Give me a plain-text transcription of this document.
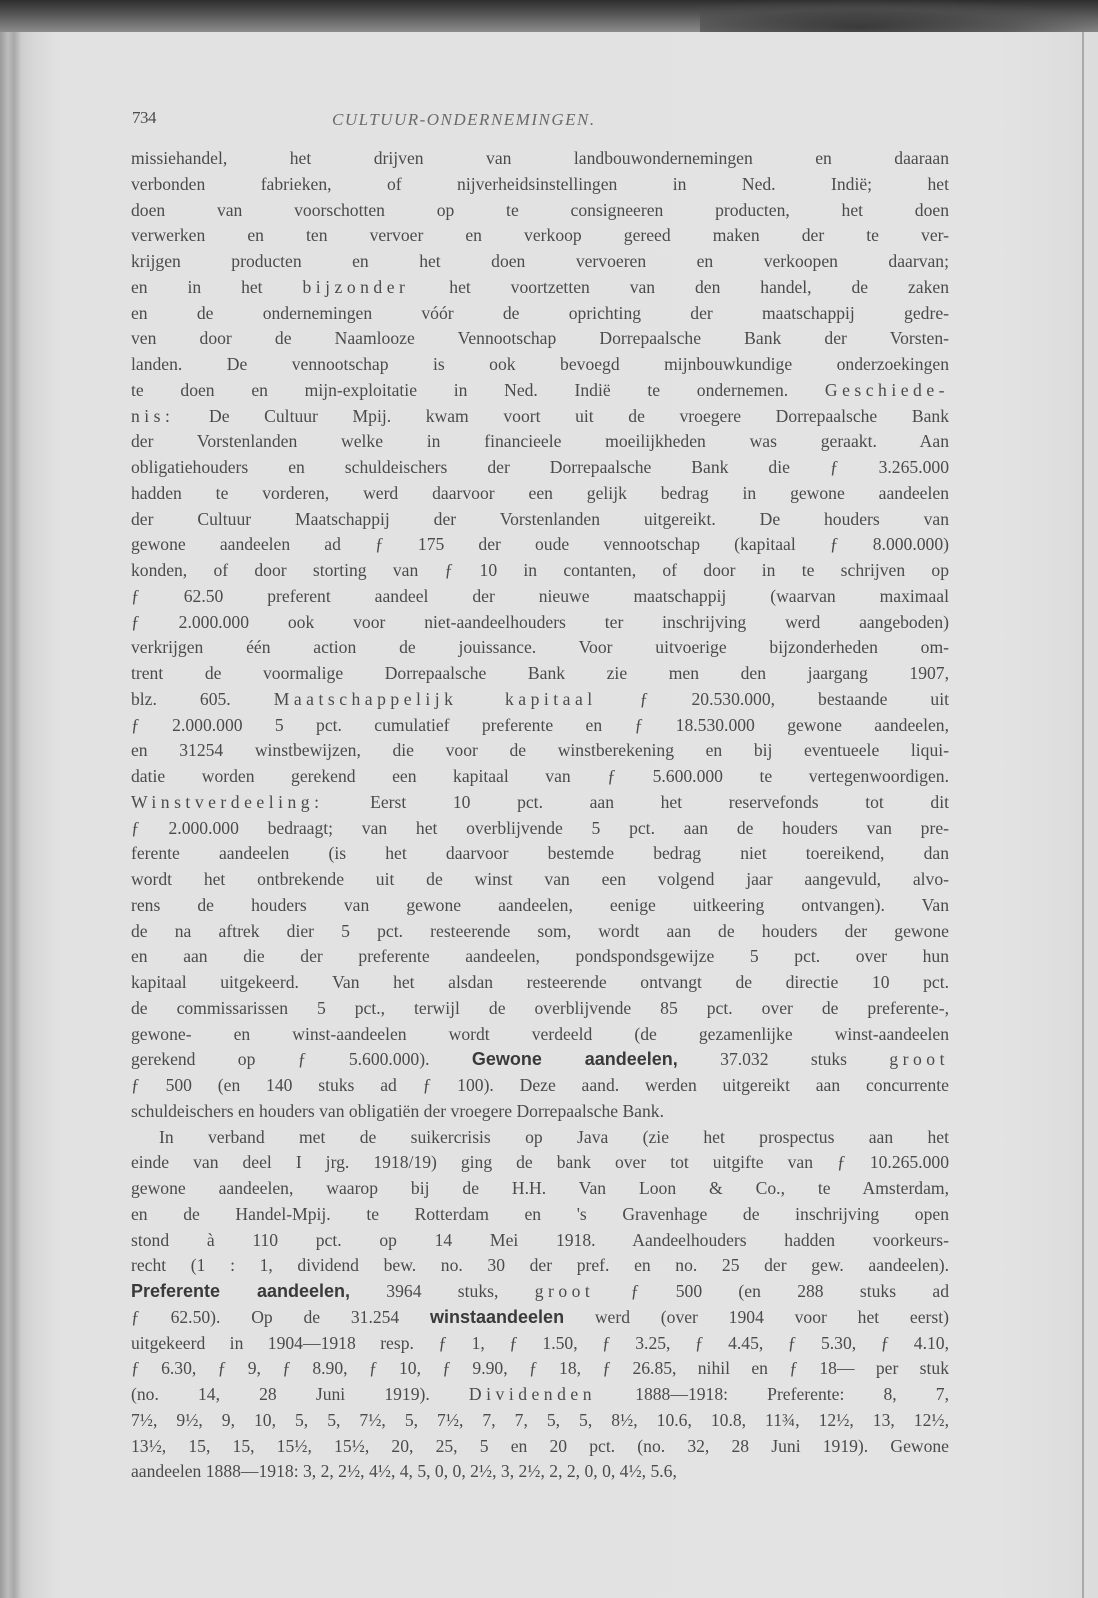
734	CULTUUR-ONDERNEMINGEN.
missiehandel, het drijven van landbouwondernemingen en daaraan
verbonden fabrieken, of nijverheidsinstellingen in Ned. Indië; het
doen van voorschotten op te consigneeren producten, het doen
verwerken en ten vervoer en verkoop gereed maken der te ver-
krijgen producten en het doen vervoeren en verkoopen daarvan;
en in het bijzonder het voortzetten van den handel, de zaken
en de ondernemingen vóór de oprichting der maatschappij gedre-
ven door de Naamlooze Vennootschap Dorrepaalsche Bank der Vorsten-
landen. De vennootschap is ook bevoegd mijnbouwkundige onderzoekingen
te doen en mijn-exploitatie in Ned. Indië te ondernemen. Geschiede-
nis: De Cultuur Mpij. kwam voort uit de vroegere Dorrepaalsche Bank
der Vorstenlanden welke in financieele moeilijkheden was geraakt. Aan
obligatiehouders en schuldeischers der Dorrepaalsche Bank die ƒ 3.265.000
hadden te vorderen, werd daarvoor een gelijk bedrag in gewone aandeelen
der Cultuur Maatschappij der Vorstenlanden uitgereikt. De houders van
gewone aandeelen ad ƒ 175 der oude vennootschap (kapitaal ƒ 8.000.000)
konden, of door storting van ƒ 10 in contanten, of door in te schrijven op
ƒ 62.50 preferent aandeel der nieuwe maatschappij (waarvan maximaal
ƒ 2.000.000 ook voor niet-aandeelhouders ter inschrijving werd aangeboden)
verkrijgen één action de jouissance. Voor uitvoerige bijzonderheden om-
trent de voormalige Dorrepaalsche Bank zie men den jaargang 1907,
blz. 605. Maatschappelijk kapitaal ƒ 20.530.000, bestaande uit
ƒ 2.000.000 5 pct. cumulatief preferente en ƒ 18.530.000 gewone aandeelen,
en 31254 winstbewijzen, die voor de winstberekening en bij eventueele liqui-
datie worden gerekend een kapitaal van ƒ 5.600.000 te vertegenwoordigen.
Winstverdeeling: Eerst 10 pct. aan het reservefonds tot dit
ƒ 2.000.000 bedraagt; van het overblijvende 5 pct. aan de houders van pre-
ferente aandeelen (is het daarvoor bestemde bedrag niet toereikend, dan
wordt het ontbrekende uit de winst van een volgend jaar aangevuld, alvo-
rens de houders van gewone aandeelen, eenige uitkeering ontvangen). Van
de na aftrek dier 5 pct. resteerende som, wordt aan de houders der gewone
en aan die der preferente aandeelen, pondspondsgewijze 5 pct. over hun
kapitaal uitgekeerd. Van het alsdan resteerende ontvangt de directie 10 pct.
de commissarissen 5 pct., terwijl de overblijvende 85 pct. over de preferente-,
gewone- en winst-aandeelen wordt verdeeld (de gezamenlijke winst-aandeelen
gerekend op ƒ 5.600.000). Gewone aandeelen, 37.032 stuks groot
ƒ 500 (en 140 stuks ad ƒ 100). Deze aand. werden uitgereikt aan concurrente
schuldeischers en houders van obligatiën der vroegere Dorrepaalsche Bank.
In verband met de suikercrisis op Java (zie het prospectus aan het
einde van deel I jrg. 1918/19) ging de bank over tot uitgifte van ƒ 10.265.000
gewone aandeelen, waarop bij de H.H. Van Loon & Co., te Amsterdam,
en de Handel-Mpij. te Rotterdam en 's Gravenhage de inschrijving open
stond à 110 pct. op 14 Mei 1918. Aandeelhouders hadden voorkeurs-
recht (1 : 1, dividend bew. no. 30 der pref. en no. 25 der gew. aandeelen).
Preferente aandeelen, 3964 stuks, groot ƒ 500 (en 288 stuks ad
ƒ 62.50). Op de 31.254 winstaandeelen werd (over 1904 voor het eerst)
uitgekeerd in 1904—1918 resp. ƒ 1, ƒ 1.50, ƒ 3.25, ƒ 4.45, ƒ 5.30, ƒ 4.10,
ƒ 6.30, ƒ 9, ƒ 8.90, ƒ 10, ƒ 9.90, ƒ 18, ƒ 26.85, nihil en ƒ 18— per stuk
(no. 14, 28 Juni 1919). Dividenden 1888—1918: Preferente: 8, 7,
7½, 9½, 9, 10, 5, 5, 7½, 5, 7½, 7, 7, 5, 5, 8½, 10.6, 10.8, 11¾, 12½, 13, 12½,
13½, 15, 15, 15½, 15½, 20, 25, 5 en 20 pct. (no. 32, 28 Juni 1919). Gewone
aandeelen 1888—1918: 3, 2, 2½, 4½, 4, 5, 0, 0, 2½, 3, 2½, 2, 2, 0, 0, 4½, 5.6,
